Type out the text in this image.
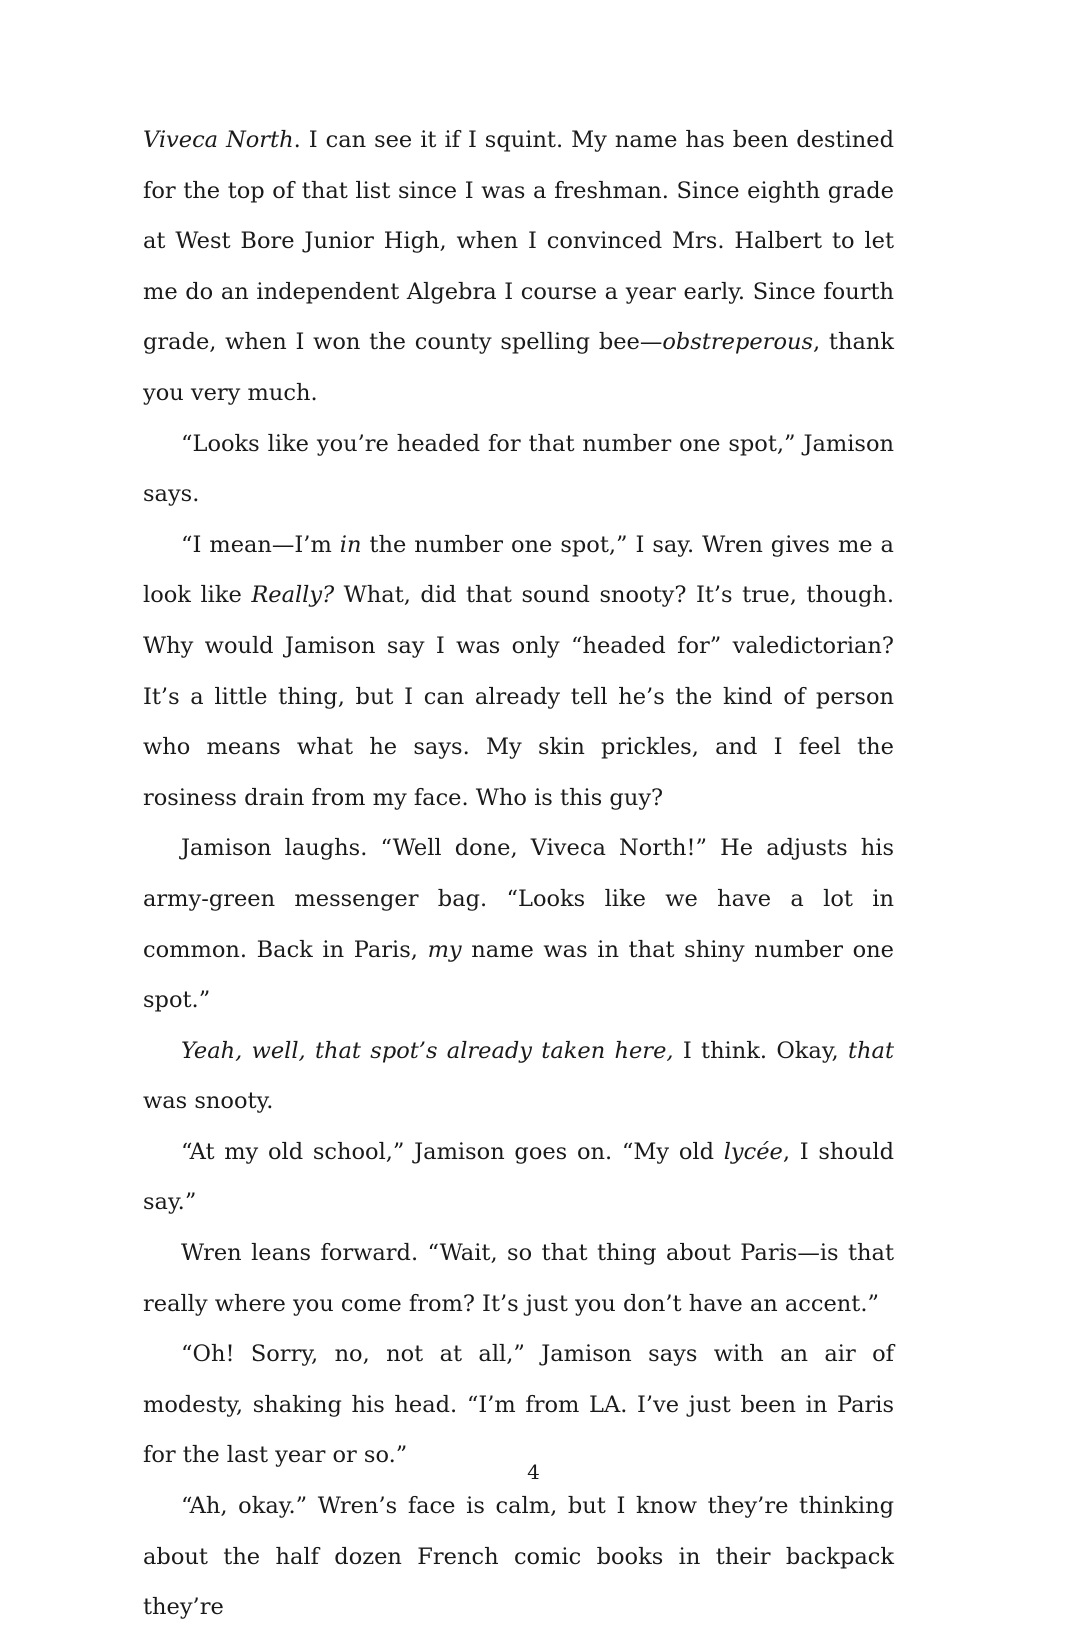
Viveca North. I can see it if I squint. My name has been destined for the top of that list since I was a freshman. Since eighth grade at West Bore Junior High, when I convinced Mrs. Halbert to let me do an independent Algebra I course a year early. Since fourth grade, when I won the county spelling bee—obstreperous, thank you very much.

“Looks like you’re headed for that number one spot,” Jamison says.

“I mean—I’m in the number one spot,” I say. Wren gives me a look like Really? What, did that sound snooty? It’s true, though. Why would Jamison say I was only “headed for” valedictorian? It’s a little thing, but I can already tell he’s the kind of person who means what he says. My skin prickles, and I feel the rosiness drain from my face. Who is this guy?

Jamison laughs. “Well done, Viveca North!” He adjusts his army-green messenger bag. “Looks like we have a lot in common. Back in Paris, my name was in that shiny number one spot.”

Yeah, well, that spot’s already taken here, I think. Okay, that was snooty.

“At my old school,” Jamison goes on. “My old lycée, I should say.”

Wren leans forward. “Wait, so that thing about Paris—is that really where you come from? It’s just you don’t have an accent.”

“Oh! Sorry, no, not at all,” Jamison says with an air of modesty, shaking his head. “I’m from LA. I’ve just been in Paris for the last year or so.”

“Ah, okay.” Wren’s face is calm, but I know they’re thinking about the half dozen French comic books in their backpack they’re

4
